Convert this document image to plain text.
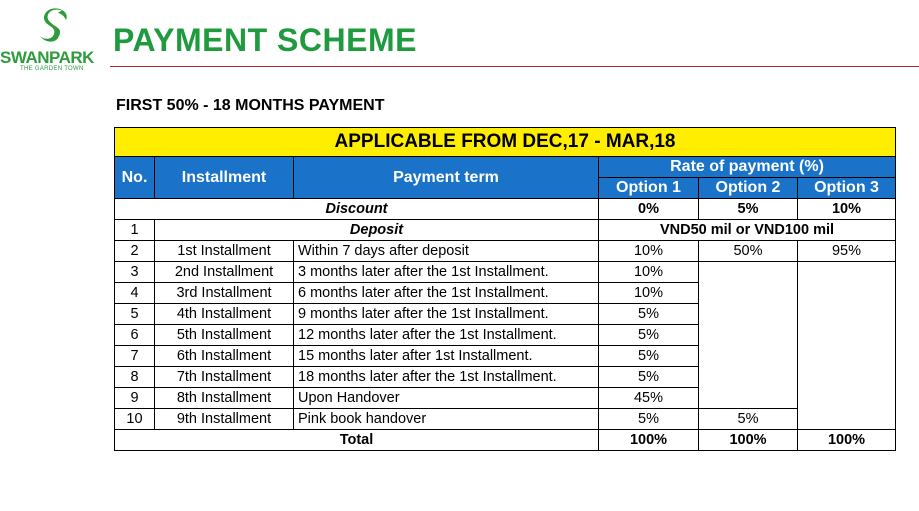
SWANPARK
THE GARDEN TOWN
PAYMENT SCHEME
FIRST 50% - 18 MONTHS PAYMENT
APPLICABLE FROM DEC,17 - MAR,18						
No.	Installment	Payment term	Rate of payment (%)			
			Option 1	Option 2	Option 3	
Discount			0%	5%	10%	
1	Deposit		VND50 mil or VND100 mil			
2	1st Installment	Within 7 days after deposit	10%	50%	95%	
3	2nd Installment	3 months later after the 1st Installment.	10%			
4	3rd Installment	6 months later after the 1st Installment.	10%			
5	4th Installment	9 months later after the 1st Installment.	5%			
6	5th Installment	12 months later after the 1st Installment.	5%			
7	6th Installment	15 months later after 1st Installment.	5%			
8	7th Installment	18 months later after the 1st Installment.	5%			
9	8th Installment	Upon Handover	45%	
10	9th Installment	Pink book handover	5%	5%	
Total			100%	100%	100%	
